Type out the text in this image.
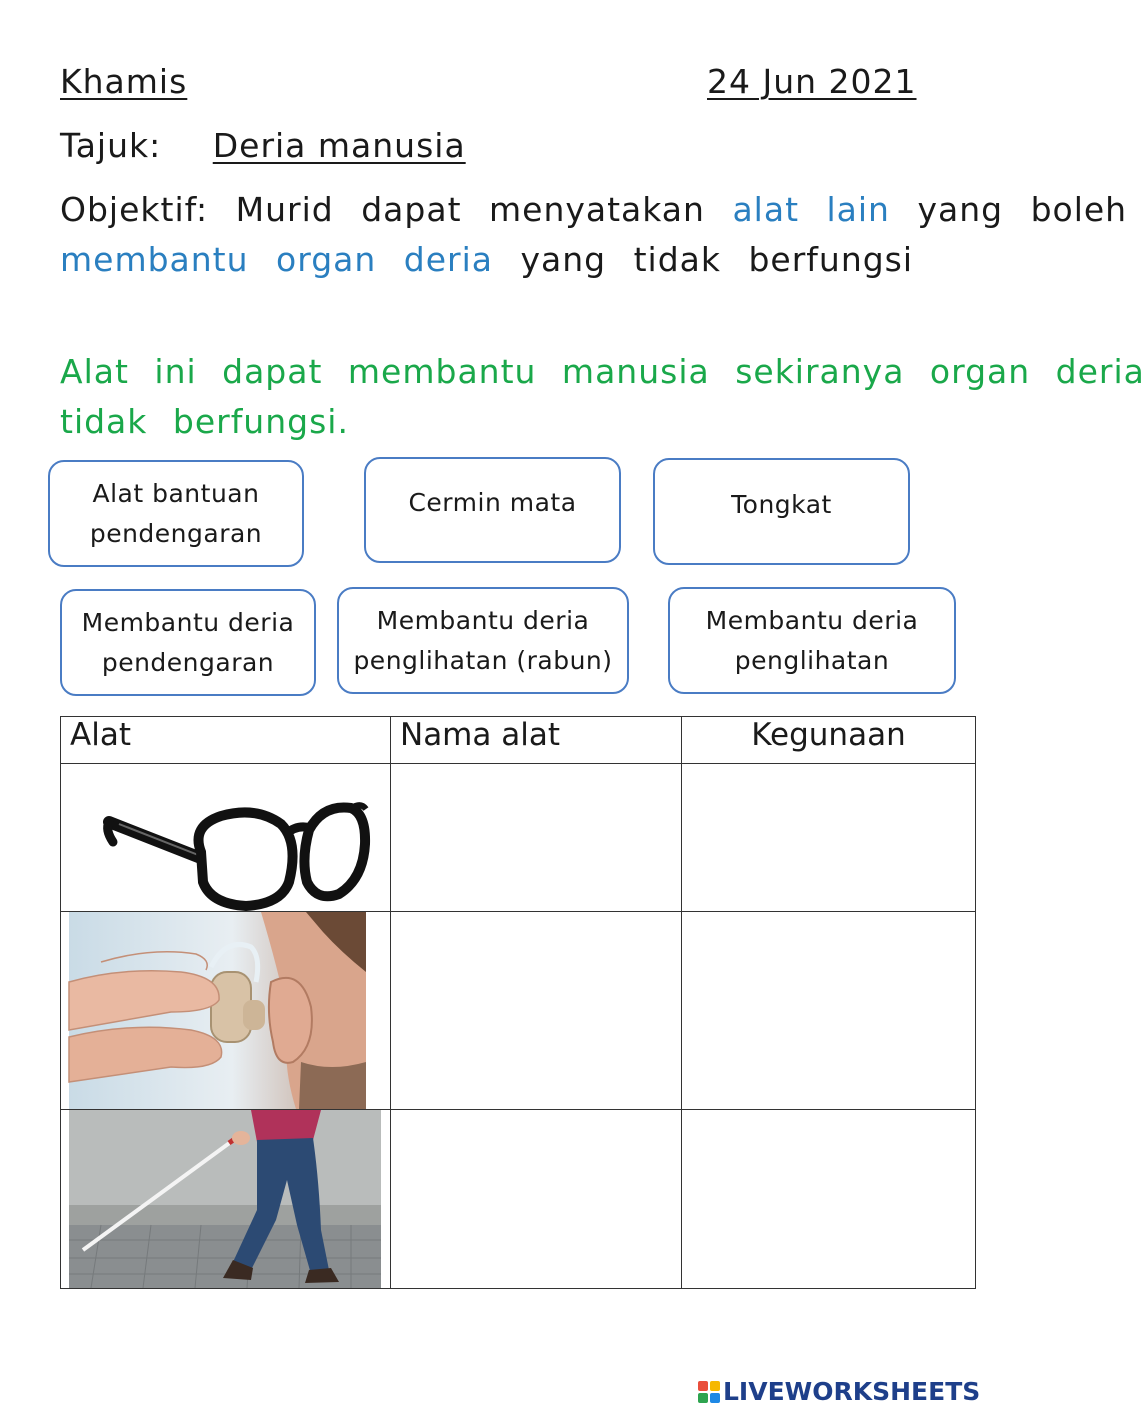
Khamis	24 Jun 2021
Tajuk: Deria manusia
Objektif: Murid dapat menyatakan alat lain yang boleh
membantu organ deria yang tidak berfungsi
Alat ini dapat membantu manusia sekiranya organ deria
tidak berfungsi.
Alat bantuan
pendengaran
Cermin mata	Tongkat
Membantu deria
pendengaran
Membantu deria
penglihatan (rabun)
Membantu deria
penglihatan
Alat	Nama alat	Kegunaan

LIVEWORKSHEETS
